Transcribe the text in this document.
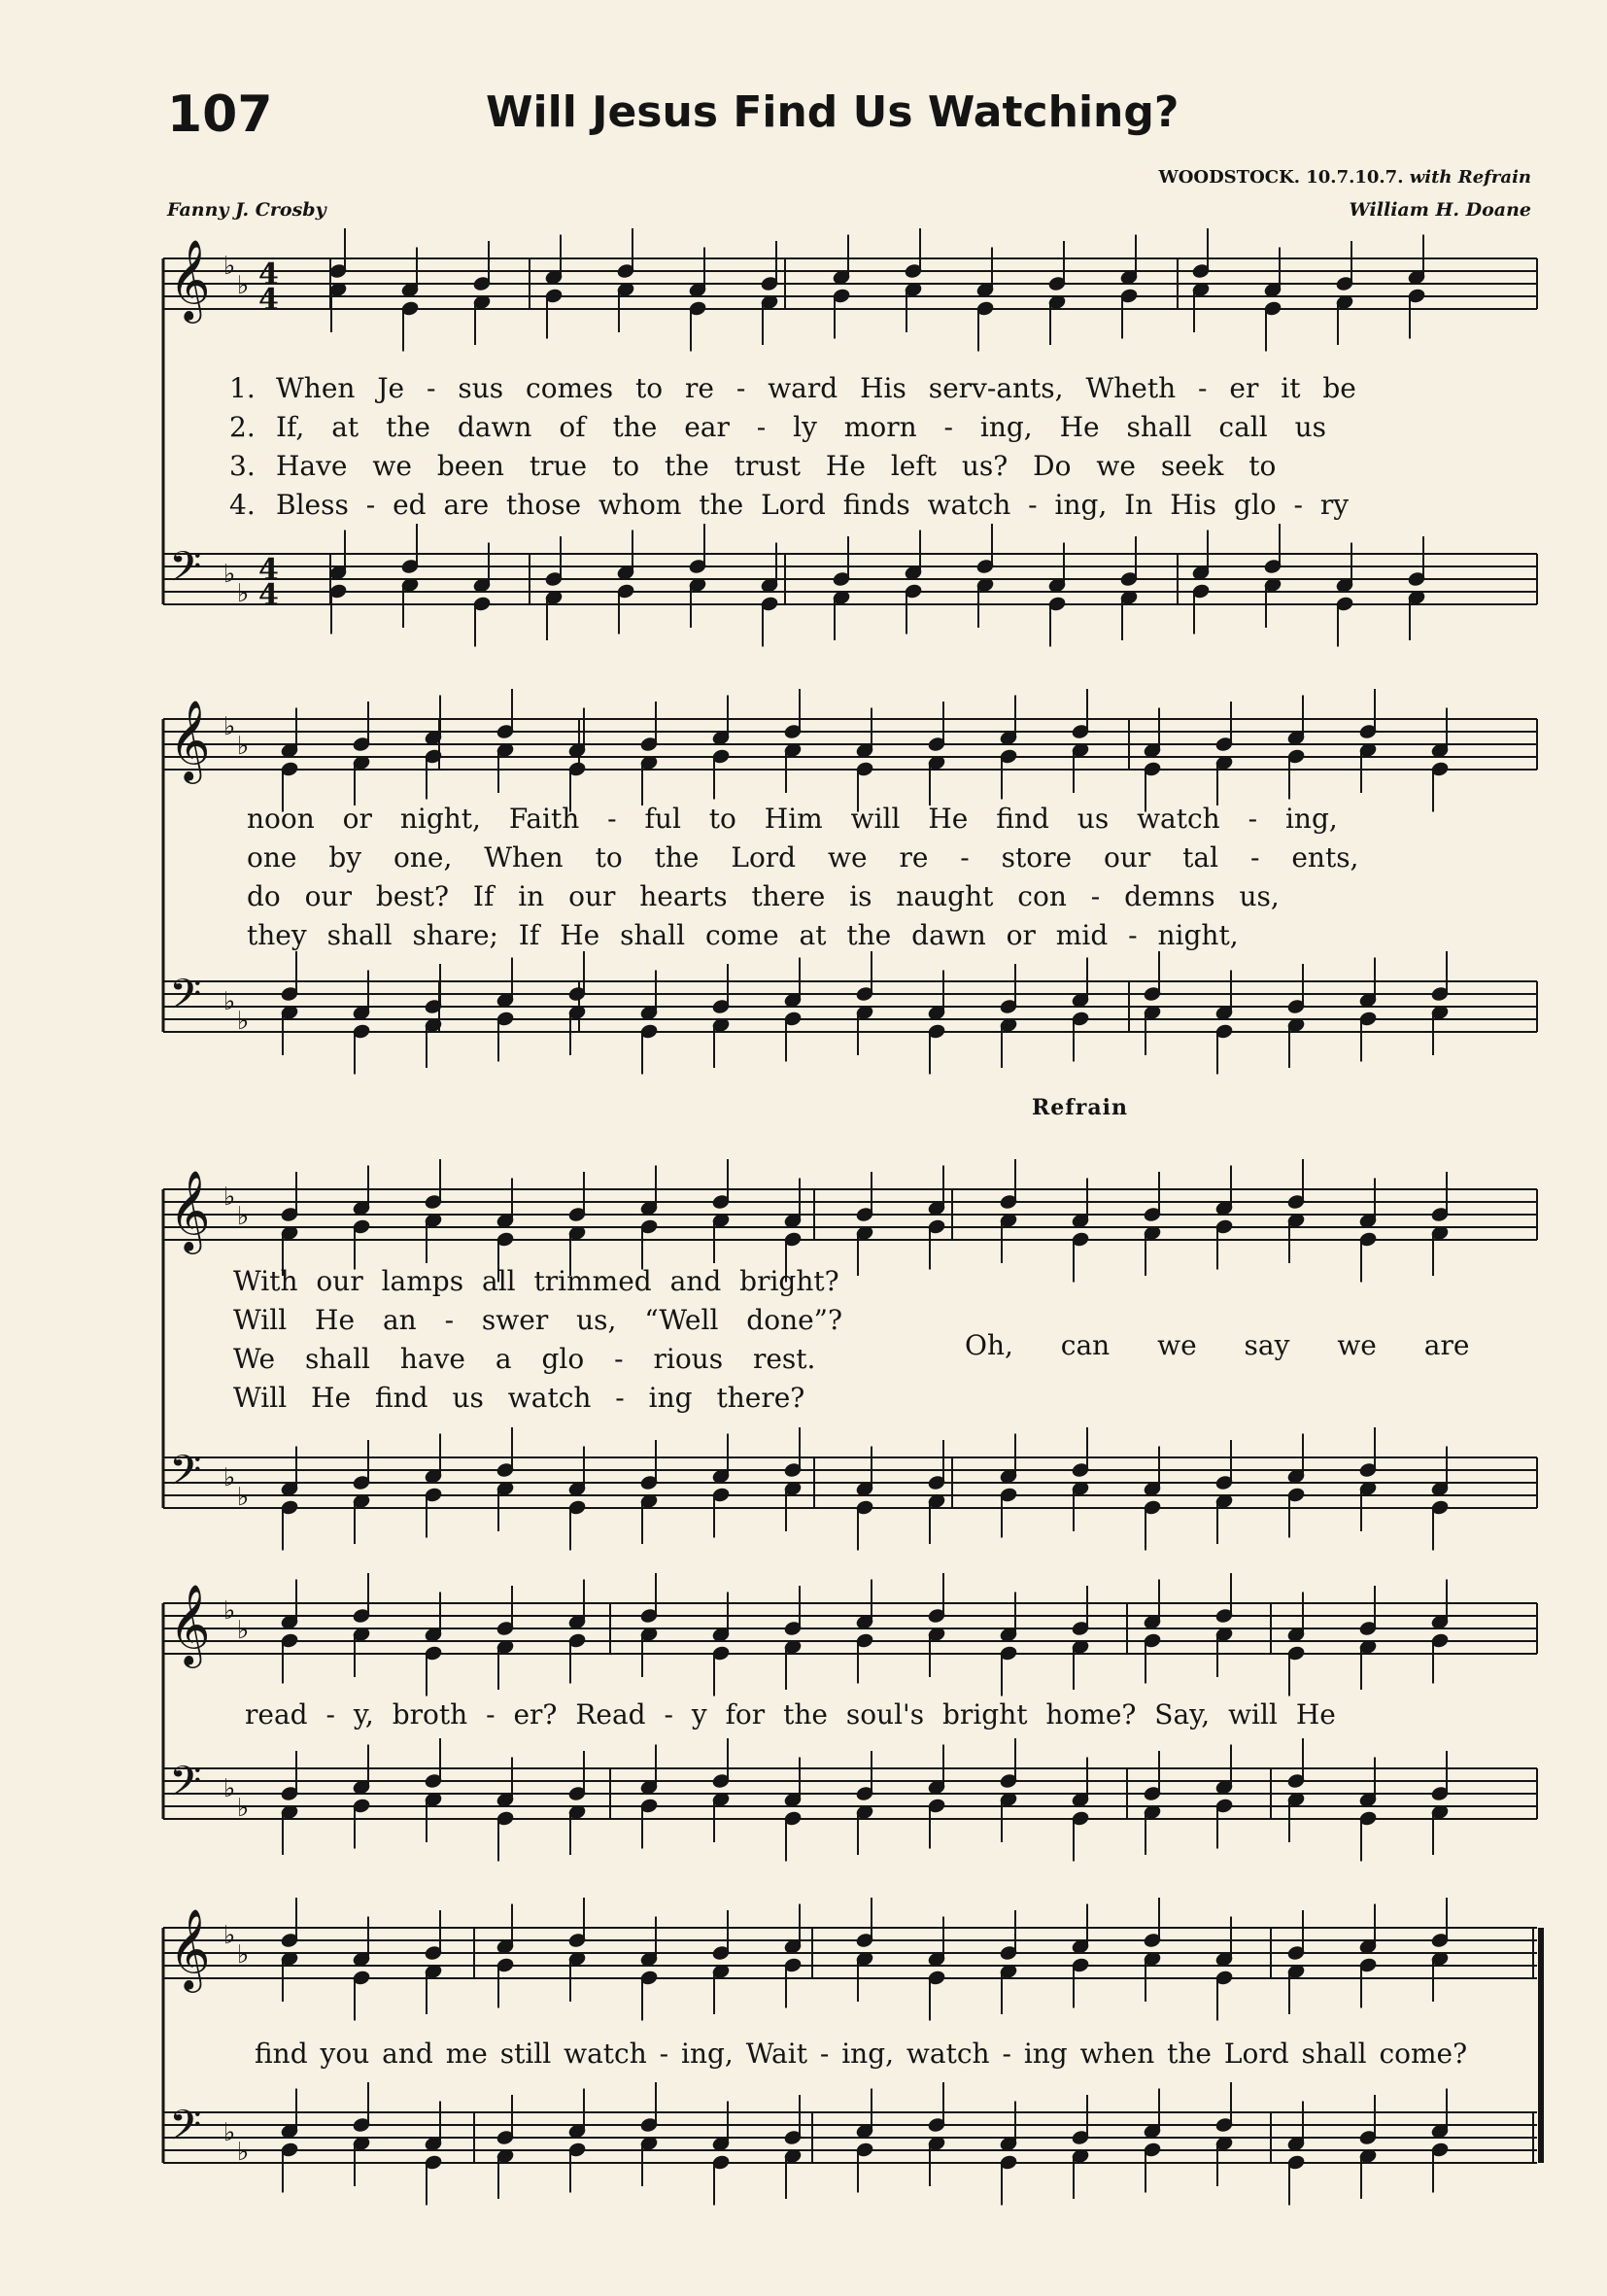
107	Will Jesus Find Us Watching?
WOODSTOCK. 10.7.10.7. with Refrain
Fanny J. Crosby	William H. Doane
𝄞 ♭
♭
𝄢 ♭
♭
𝄞 ♭
♭
𝄢 ♭
♭
𝄞 ♭
♭
𝄢 ♭
♭
𝄞 ♭
♭
𝄢 ♭
♭
𝄞 ♭
♭
𝄢 ♭
♭
4
4
4
4
1.
2.
3.
4.
When Je - sus comes to re - ward His serv-ants, Wheth - er it be
If, at the dawn of the ear - ly morn - ing, He shall call us
Have we been true to the trust He left us? Do we seek to
Bless - ed are those whom the Lord finds watch - ing, In His glo - ry
noon or night, Faith - ful to Him will He find us watch - ing,
one by one, When to the Lord we re - store our tal - ents,
do our best? If in our hearts there is naught con - demns us,
they shall share; If He shall come at the dawn or mid - night,
Refrain
With our lamps all trimmed and bright?
Will He an - swer us, “Well done”?
We shall have a glo - rious rest.
Will He find us watch - ing there?
Oh, can we say we are
read - y, broth - er? Read - y for the soul's bright home? Say, will He
find you and me still watch - ing, Wait - ing, watch - ing when the Lord shall come?
